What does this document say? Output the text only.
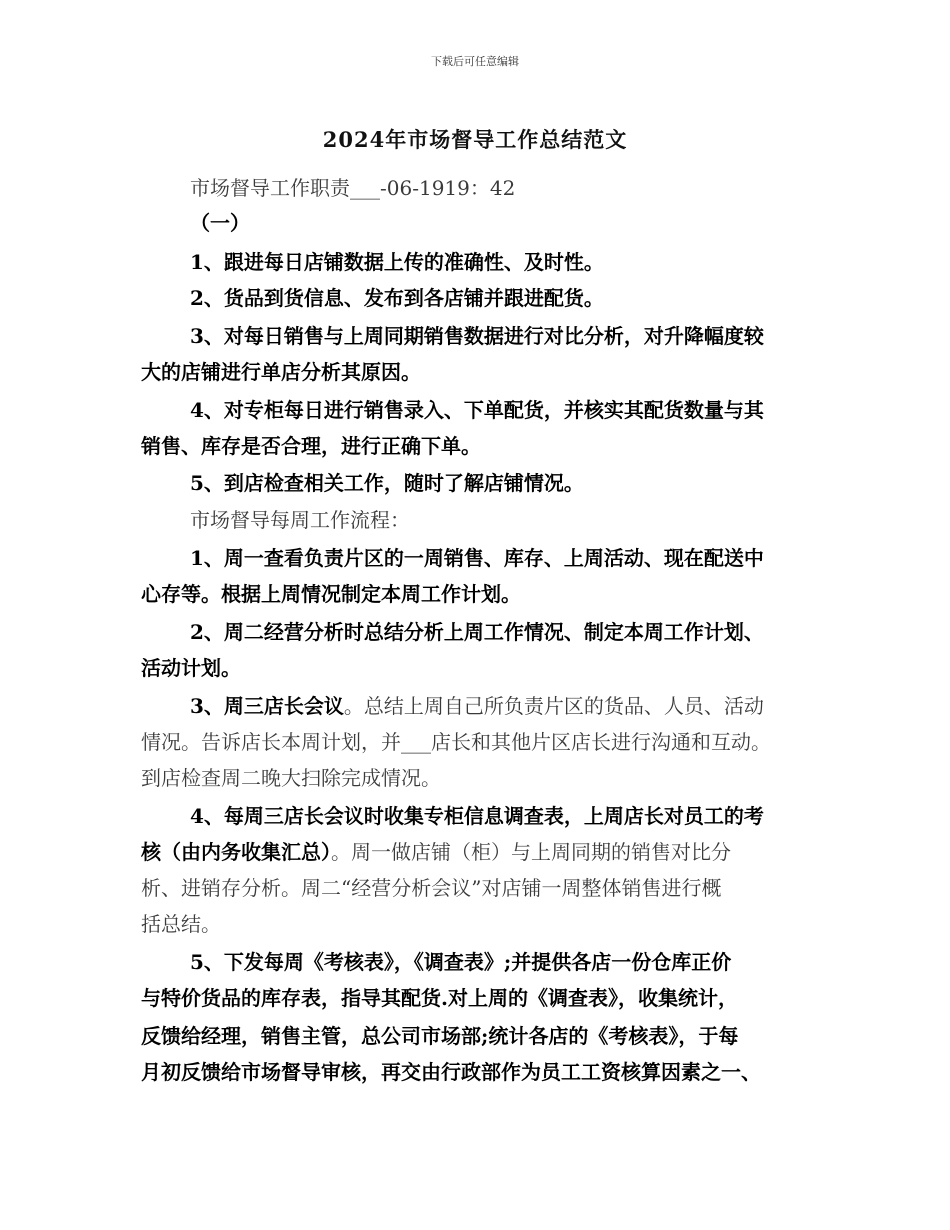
下载后可任意编辑
2024年市场督导工作总结范文
市场督导工作职责___-06-1919：42
（一）
1、跟进每日店铺数据上传的准确性、及时性。
2、货品到货信息、发布到各店铺并跟进配货。
3、对每日销售与上周同期销售数据进行对比分析，对升降幅度较
大的店铺进行单店分析其原因。
4、对专柜每日进行销售录入、下单配货，并核实其配货数量与其
销售、库存是否合理，进行正确下单。
5、到店检查相关工作，随时了解店铺情况。
市场督导每周工作流程：
1、周一查看负责片区的一周销售、库存、上周活动、现在配送中
心存等。根据上周情况制定本周工作计划。
2、周二经营分析时总结分析上周工作情况、制定本周工作计划、
活动计划。
3、周三店长会议。总结上周自己所负责片区的货品、人员、活动
情况。告诉店长本周计划，并___店长和其他片区店长进行沟通和互动。
到店检查周二晚大扫除完成情况。
4、每周三店长会议时收集专柜信息调查表，上周店长对员工的考
核（由内务收集汇总）。周一做店铺（柜）与上周同期的销售对比分
析、进销存分析。周二“经营分析会议”对店铺一周整体销售进行概
括总结。
5、下发每周《考核表》，《调查表》;并提供各店一份仓库正价
与特价货品的库存表，指导其配货.对上周的《调查表》，收集统计，
反馈给经理，销售主管，总公司市场部;统计各店的《考核表》，于每
月初反馈给市场督导审核，再交由行政部作为员工工资核算因素之一、
